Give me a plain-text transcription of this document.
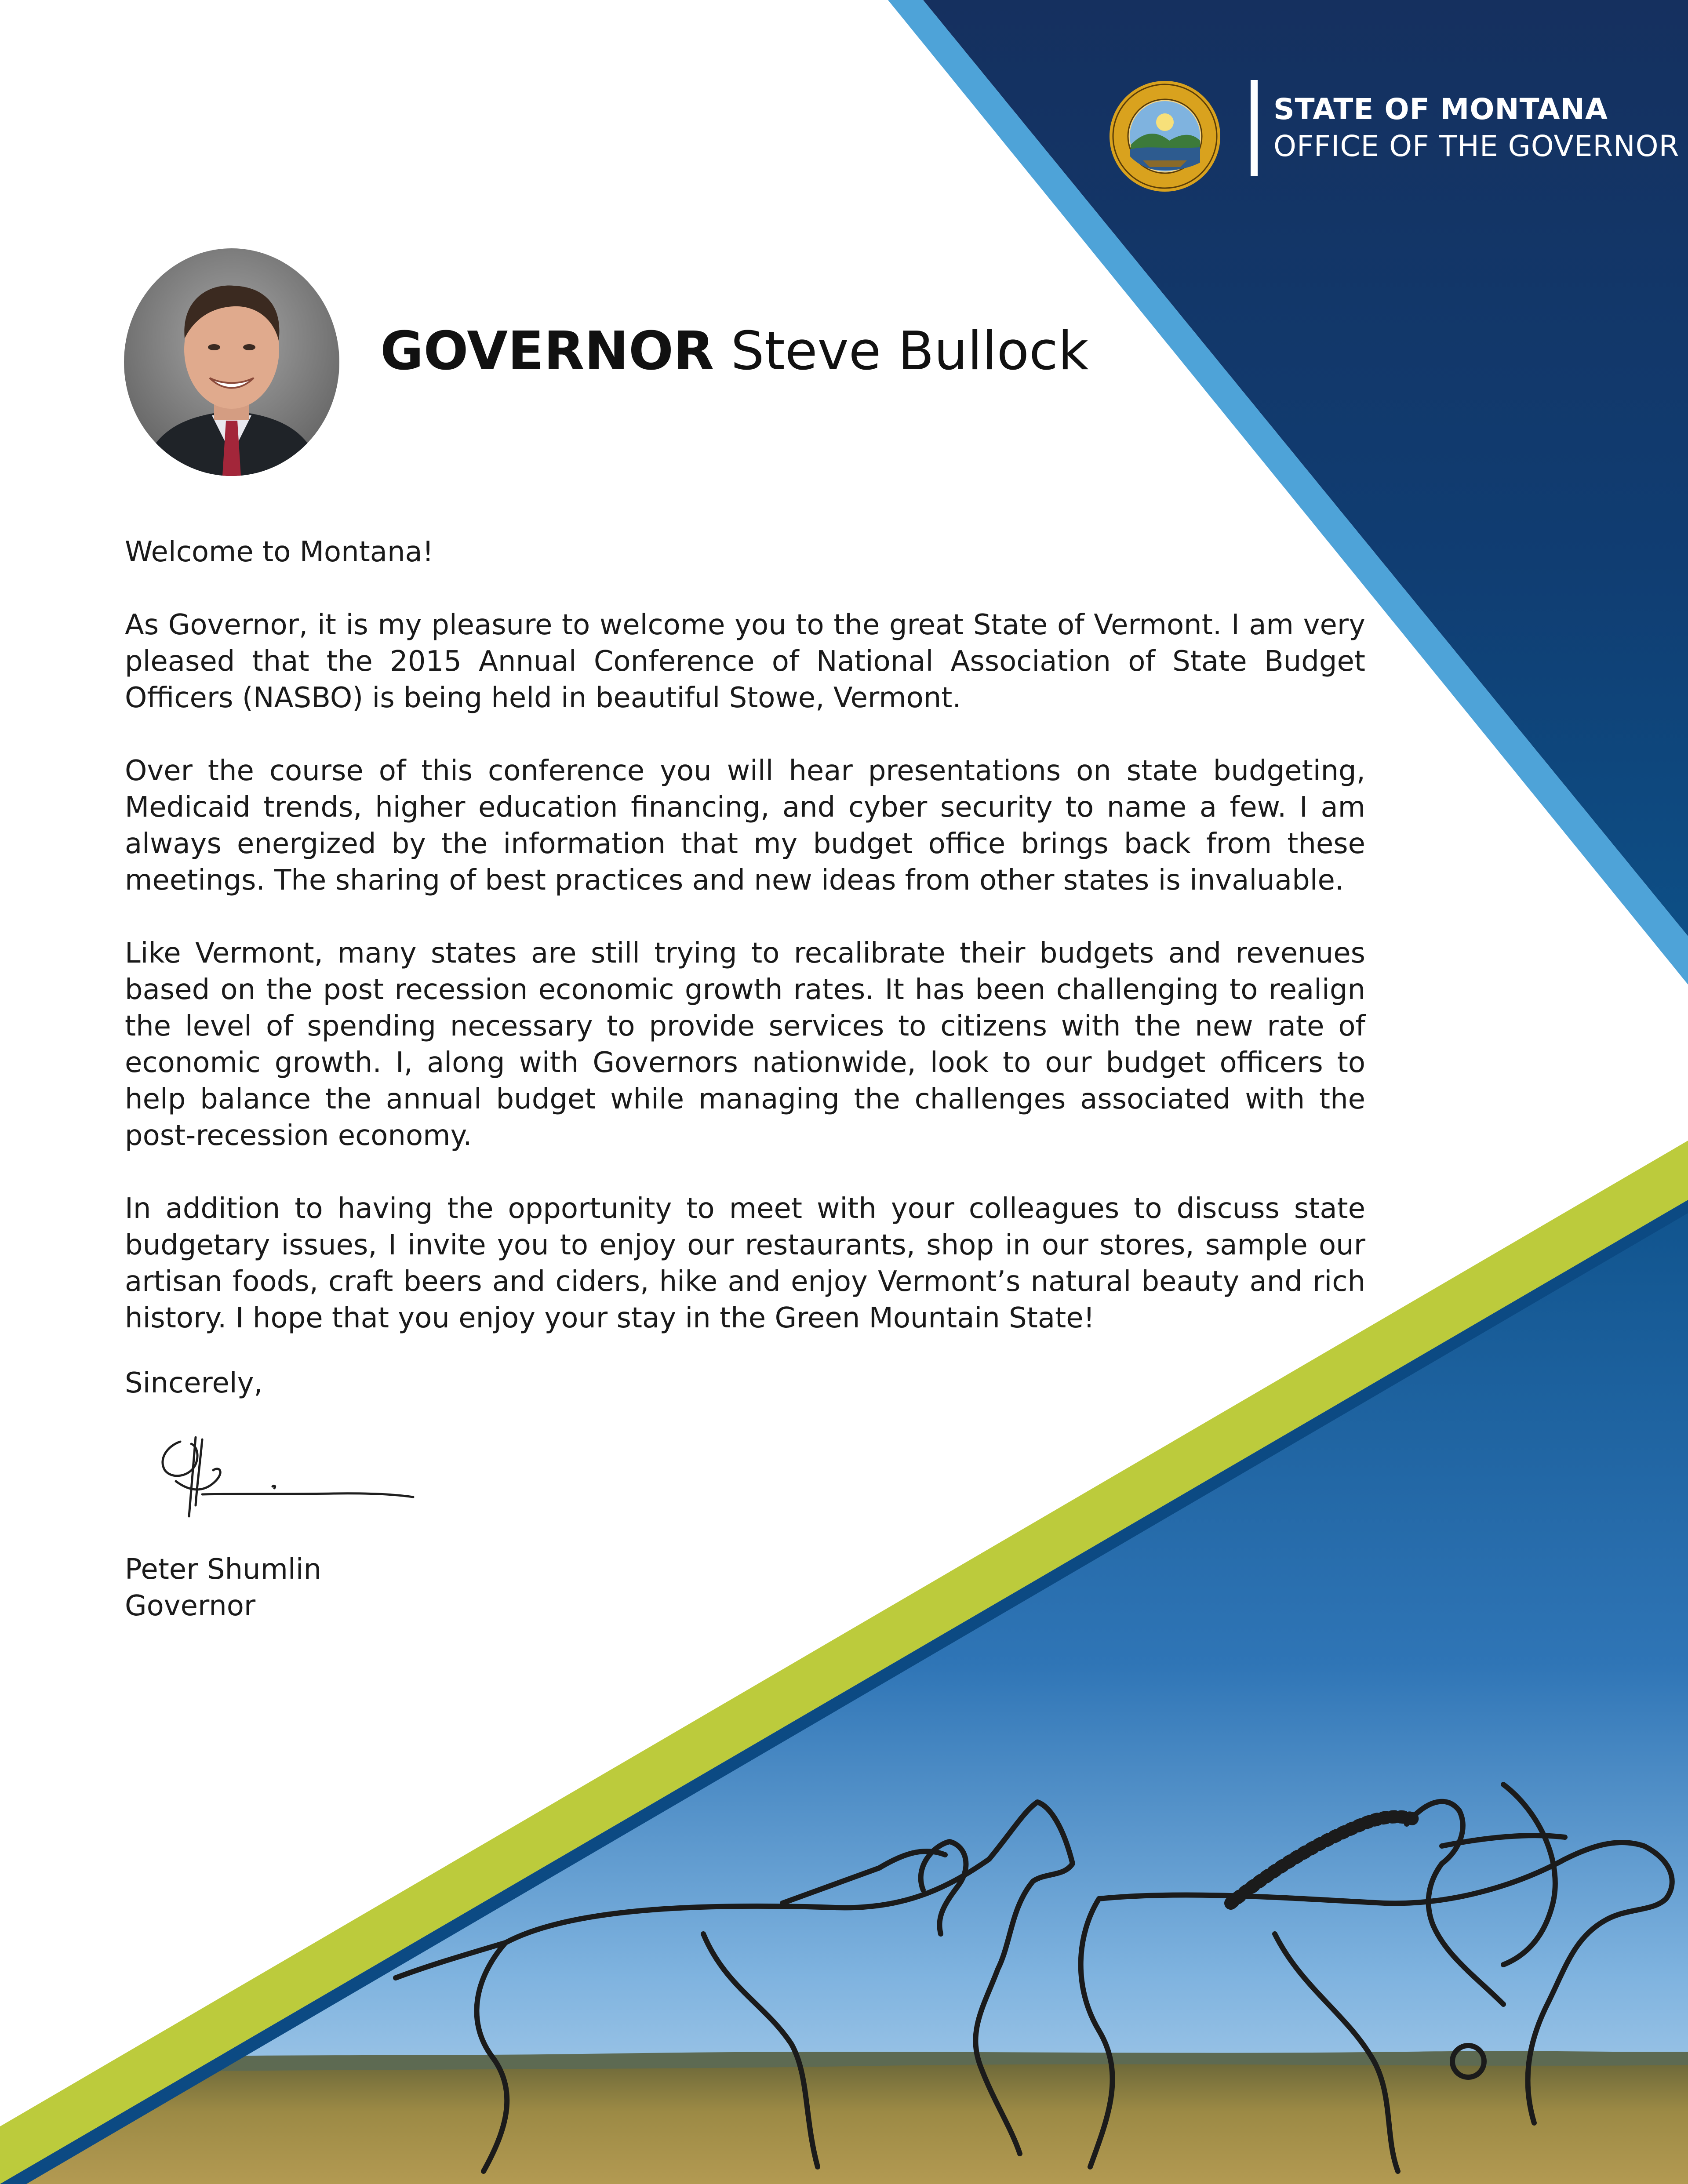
STATE OF MONTANA
OFFICE OF THE GOVERNOR
GOVERNOR Steve Bullock

Welcome to Montana!

As Governor, it is my pleasure to welcome you to the great State of Vermont. I am very pleased that the 2015 Annual Conference of National Association of State Budget Officers (NASBO) is being held in beautiful Stowe, Vermont.

Over the course of this conference you will hear presentations on state budgeting, Medicaid trends, higher education financing, and cyber security to name a few. I am always energized by the information that my budget office brings back from these meetings. The sharing of best practices and new ideas from other states is invaluable.

Like Vermont, many states are still trying to recalibrate their budgets and revenues based on the post recession economic growth rates. It has been challenging to realign the level of spending necessary to provide services to citizens with the new rate of economic growth. I, along with Governors nationwide, look to our budget officers to help balance the annual budget while managing the challenges associated with the post-recession economy.

In addition to having the opportunity to meet with your colleagues to discuss state budgetary issues, I invite you to enjoy our restaurants, shop in our stores, sample our artisan foods, craft beers and ciders, hike and enjoy Vermont’s natural beauty and rich history. I hope that you enjoy your stay in the Green Mountain State!

Sincerely,
Peter Shumlin
Governor
